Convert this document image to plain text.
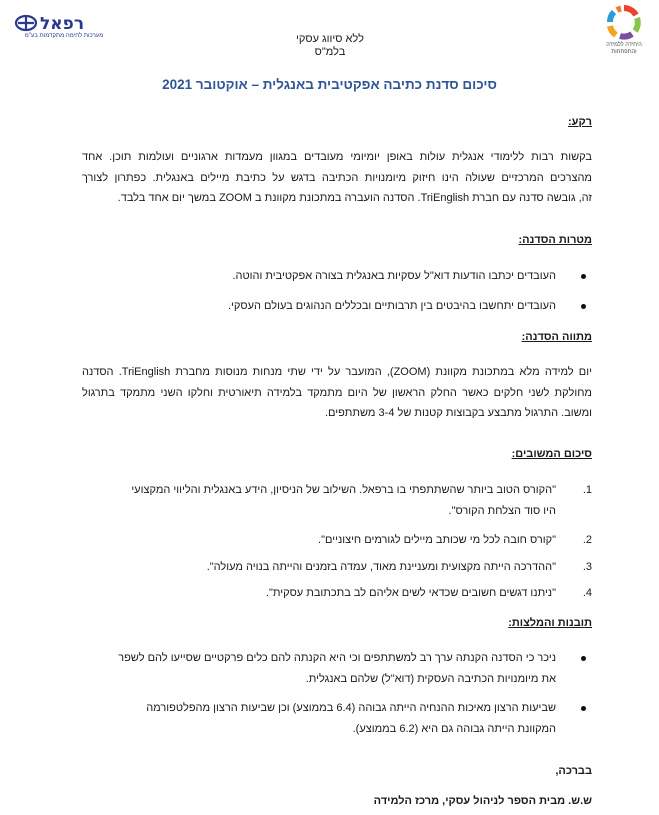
רפאל
מערכות לחימה מתקדמות בע"מ	ללא סיווג עסקי
בלמ"ס
היחידה ללמידה והתפתחות
סיכום סדנת כתיבה אפקטיבית באנגלית – אוקטובר 2021
רקע:
בקשות רבות ללימודי אנגלית עולות באופן יומיומי מעובדים במגוון מעמדות ארגוניים ועולמות תוכן. אחד
מהצרכים המרכזיים שעולה הינו חיזוק מיומנויות הכתיבה בדגש על כתיבת מיילים באנגלית. כפתרון לצורך
זה, גובשה סדנה עם חברת TriEnglish. הסדנה הועברה במתכונת מקוונת ב ZOOM במשך יום אחד בלבד.
מטרות הסדנה:
העובדים יכתבו הודעות דוא"ל עסקיות באנגלית בצורה אפקטיבית והוטה.
העובדים יתחשבו בהיבטים בין תרבותיים ובכללים הנהוגים בעולם העסקי.
מתווה הסדנה:
יום למידה מלא במתכונת מקוונת (ZOOM), המועבר על ידי שתי מנחות מנוסות מחברת TriEnglish. הסדנה
מחולקת לשני חלקים כאשר החלק הראשון של היום מתמקד בלמידה תיאורטית וחלקו השני מתמקד בתרגול
ומשוב. התרגול מתבצע בקבוצות קטנות של 3-4 משתתפים.
סיכום המשובים:
1.
"הקורס הטוב ביותר שהשתתפתי בו ברפאל. השילוב של הניסיון, הידע באנגלית והליווי המקצועי
היו סוד הצלחת הקורס".
2.
"קורס חובה לכל מי שכותב מיילים לגורמים חיצוניים".
3.
"ההדרכה הייתה מקצועית ומעניינת מאוד, עמדה בזמנים והייתה בנויה מעולה".
4.
"ניתנו דגשים חשובים שכדאי לשים אליהם לב בתכתובת עסקית".
תובנות והמלצות:
ניכר כי הסדנה הקנתה ערך רב למשתתפים וכי היא הקנתה להם כלים פרקטיים שסייעו להם לשפר
את מיומנויות הכתיבה העסקית (דוא"ל) שלהם באנגלית.
שביעות הרצון מאיכות ההנחיה הייתה גבוהה (6.4 בממוצע) וכן שביעות הרצון מהפלטפורמה
המקוונת הייתה גבוהה גם היא (6.2 בממוצע).
בברכה,
ש.ש. מבית הספר לניהול עסקי, מרכז הלמידה
